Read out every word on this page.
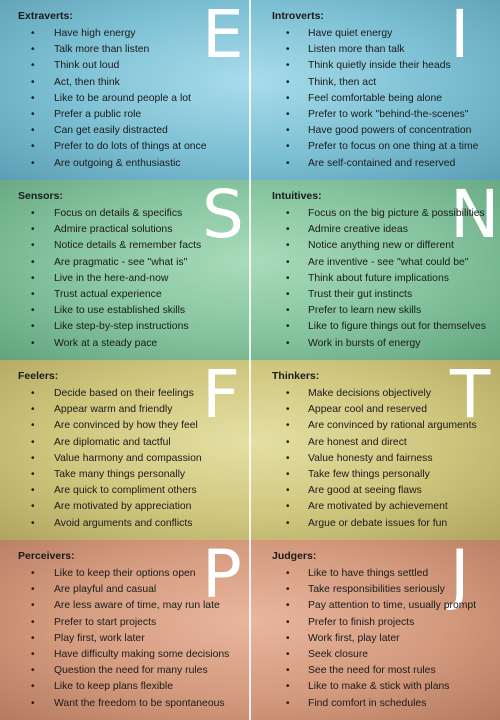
Extraverts: E
• Have high energy
• Talk more than listen
• Think out loud
• Act, then think
• Like to be around people a lot
• Prefer a public role
• Can get easily distracted
• Prefer to do lots of things at once
• Are outgoing & enthusiastic
Introverts: I
• Have quiet energy
• Listen more than talk
• Think quietly inside their heads
• Think, then act
• Feel comfortable being alone
• Prefer to work "behind-the-scenes"
• Have good powers of concentration
• Prefer to focus on one thing at a time
• Are self-contained and reserved
Sensors: S
• Focus on details & specifics
• Admire practical solutions
• Notice details & remember facts
• Are pragmatic - see "what is"
• Live in the here-and-now
• Trust actual experience
• Like to use established skills
• Like step-by-step instructions
• Work at a steady pace
Intuitives: N
• Focus on the big picture & possibilities
• Admire creative ideas
• Notice anything new or different
• Are inventive - see "what could be"
• Think about future implications
• Trust their gut instincts
• Prefer to learn new skills
• Like to figure things out for themselves
• Work in bursts of energy
Feelers: F
• Decide based on their feelings
• Appear warm and friendly
• Are convinced by how they feel
• Are diplomatic and tactful
• Value harmony and compassion
• Take many things personally
• Are quick to compliment others
• Are motivated by appreciation
• Avoid arguments and conflicts
Thinkers: T
• Make decisions objectively
• Appear cool and reserved
• Are convinced by rational arguments
• Are honest and direct
• Value honesty and fairness
• Take few things personally
• Are good at seeing flaws
• Are motivated by achievement
• Argue or debate issues for fun
Perceivers: P
• Like to keep their options open
• Are playful and casual
• Are less aware of time, may run late
• Prefer to start projects
• Play first, work later
• Have difficulty making some decisions
• Question the need for many rules
• Like to keep plans flexible
• Want the freedom to be spontaneous
Judgers: J
• Like to have things settled
• Take responsibilities seriously
• Pay attention to time, usually prompt
• Prefer to finish projects
• Work first, play later
• Seek closure
• See the need for most rules
• Like to make & stick with plans
• Find comfort in schedules
